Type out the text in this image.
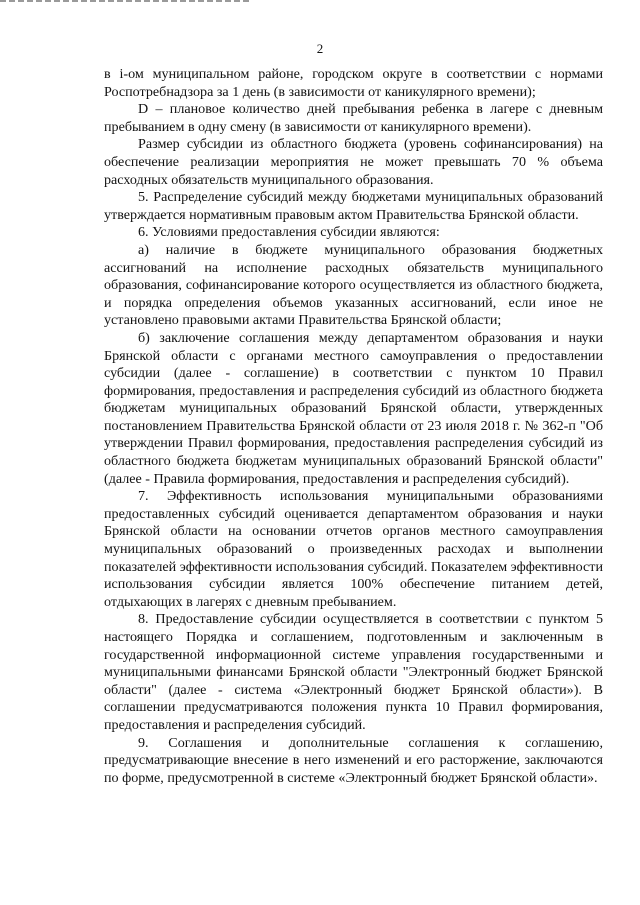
2

в i-ом муниципальном районе, городском округе в соответствии с нормами Роспотребнадзора за 1 день (в зависимости от каникулярного времени);

D – плановое количество дней пребывания ребенка в лагере с дневным пребыванием в одну смену (в зависимости от каникулярного времени).

Размер субсидии из областного бюджета (уровень софинансирования) на обеспечение реализации мероприятия не может превышать 70 % объема расходных обязательств муниципального образования.

5. Распределение субсидий между бюджетами муниципальных образований утверждается нормативным правовым актом Правительства Брянской области.

6. Условиями предоставления субсидии являются:

а) наличие в бюджете муниципального образования бюджетных ассигнований на исполнение расходных обязательств муниципального образования, софинансирование которого осуществляется из областного бюджета, и порядка определения объемов указанных ассигнований, если иное не установлено правовыми актами Правительства Брянской области;

б) заключение соглашения между департаментом образования и науки Брянской области с органами местного самоуправления о предоставлении субсидии (далее - соглашение) в соответствии с пунктом 10 Правил формирования, предоставления и распределения субсидий из областного бюджета бюджетам муниципальных образований Брянской области, утвержденных постановлением Правительства Брянской области от 23 июля 2018 г. № 362-п "Об утверждении Правил формирования, предоставления распределения субсидий из областного бюджета бюджетам муниципальных образований Брянской области" (далее - Правила формирования, предоставления и распределения субсидий).

7. Эффективность использования муниципальными образованиями предоставленных субсидий оценивается департаментом образования и науки Брянской области на основании отчетов органов местного самоуправления муниципальных образований о произведенных расходах и выполнении показателей эффективности использования субсидий. Показателем эффективности использования субсидии является 100% обеспечение питанием детей, отдыхающих в лагерях с дневным пребыванием.

8. Предоставление субсидии осуществляется в соответствии с пунктом 5 настоящего Порядка и соглашением, подготовленным и заключенным в государственной информационной системе управления государственными и муниципальными финансами Брянской области "Электронный бюджет Брянской области" (далее - система «Электронный бюджет Брянской области»). В соглашении предусматриваются положения пункта 10 Правил формирования, предоставления и распределения субсидий.

9. Соглашения и дополнительные соглашения к соглашению, предусматривающие внесение в него изменений и его расторжение, заключаются по форме, предусмотренной в системе «Электронный бюджет Брянской области».
